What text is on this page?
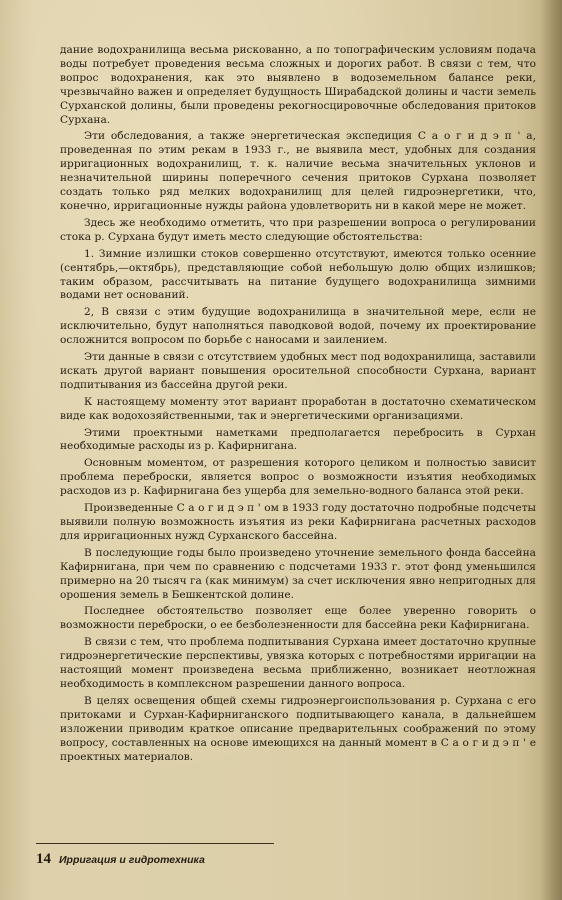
дание водохранилища весьма рискованно, а по топографическим условиям подача воды потребует проведения весьма сложных и дорогих работ. В связи с тем, что вопрос водохранения, как это выявлено в водоземельном балансе реки, чрезвычайно важен и определяет будущность Ширабадской долины и части земель Сурханской долины, были проведены рекогносцировочные обследования притоков Сурхана.

Эти обследования, а также энергетическая экспедиция С а о г и д э п ' а, проведенная по этим рекам в 1933 г., не выявила мест, удобных для создания ирригационных водохранилищ, т. к. наличие весьма значительных уклонов и незначительной ширины поперечного сечения притоков Сурхана позволяет создать только ряд мелких водохранилищ для целей гидроэнергетики, что, конечно, ирригационные нужды района удовлетворить ни в какой мере не может.

Здесь же необходимо отметить, что при разрешении вопроса о регулировании стока р. Сурхана будут иметь место следующие обстоятельства:

1. Зимние излишки стоков совершенно отсутствуют, имеются только осенние (сентябрь,—октябрь), представляющие собой небольшую долю общих излишков; таким образом, рассчитывать на питание будущего водохранилища зимними водами нет оснований.

2, В связи с этим будущие водохранилища в значительной мере, если не исключительно, будут наполняться паводковой водой, почему их проектирование осложнится вопросом по борьбе с наносами и заилением.

Эти данные в связи с отсутствием удобных мест под водохранилища, заставили искать другой вариант повышения оросительной способности Сурхана, вариант подпитывания из бассейна другой реки.

К настоящему моменту этот вариант проработан в достаточно схематическом виде как водохозяйственными, так и энергетическими организациями.

Этими проектными наметками предполагается перебросить в Сурхан необходимые расходы из р. Кафирнигана.

Основным моментом, от разрешения которого целиком и полностью зависит проблема переброски, является вопрос о возможности изъятия необходимых расходов из р. Кафирнигана без ущерба для земельно-водного баланса этой реки.

Произведенные С а о г и д э п ' ом в 1933 году достаточно подробные подсчеты выявили полную возможность изъятия из реки Кафирнигана расчетных расходов для ирригационных нужд Сурханского бассейна.

В последующие годы было произведено уточнение земельного фонда бассейна Кафирнигана, при чем по сравнению с подсчетами 1933 г. этот фонд уменьшился примерно на 20 тысяч га (как минимум) за счет исключения явно непригодных для орошения земель в Бешкентской долине.

Последнее обстоятельство позволяет еще более уверенно говорить о возможности переброски, о ее безболезненности для бассейна реки Кафирнигана.

В связи с тем, что проблема подпитывания Сурхана имеет достаточно крупные гидроэнергетические перспективы, увязка которых с потребностями ирригации на настоящий момент произведена весьма приближенно, возникает неотложная необходимость в комплексном разрешении данного вопроса.

В целях освещения общей схемы гидроэнергоиспользования р. Сурхана с его притоками и Сурхан-Кафирниганского подпитывающего канала, в дальнейшем изложении приводим краткое описание предварительных соображений по этому вопросу, составленных на основе имеющихся на данный момент в С а о г и д э п ' е проектных материалов.

14 Ирригация и гидротехника
